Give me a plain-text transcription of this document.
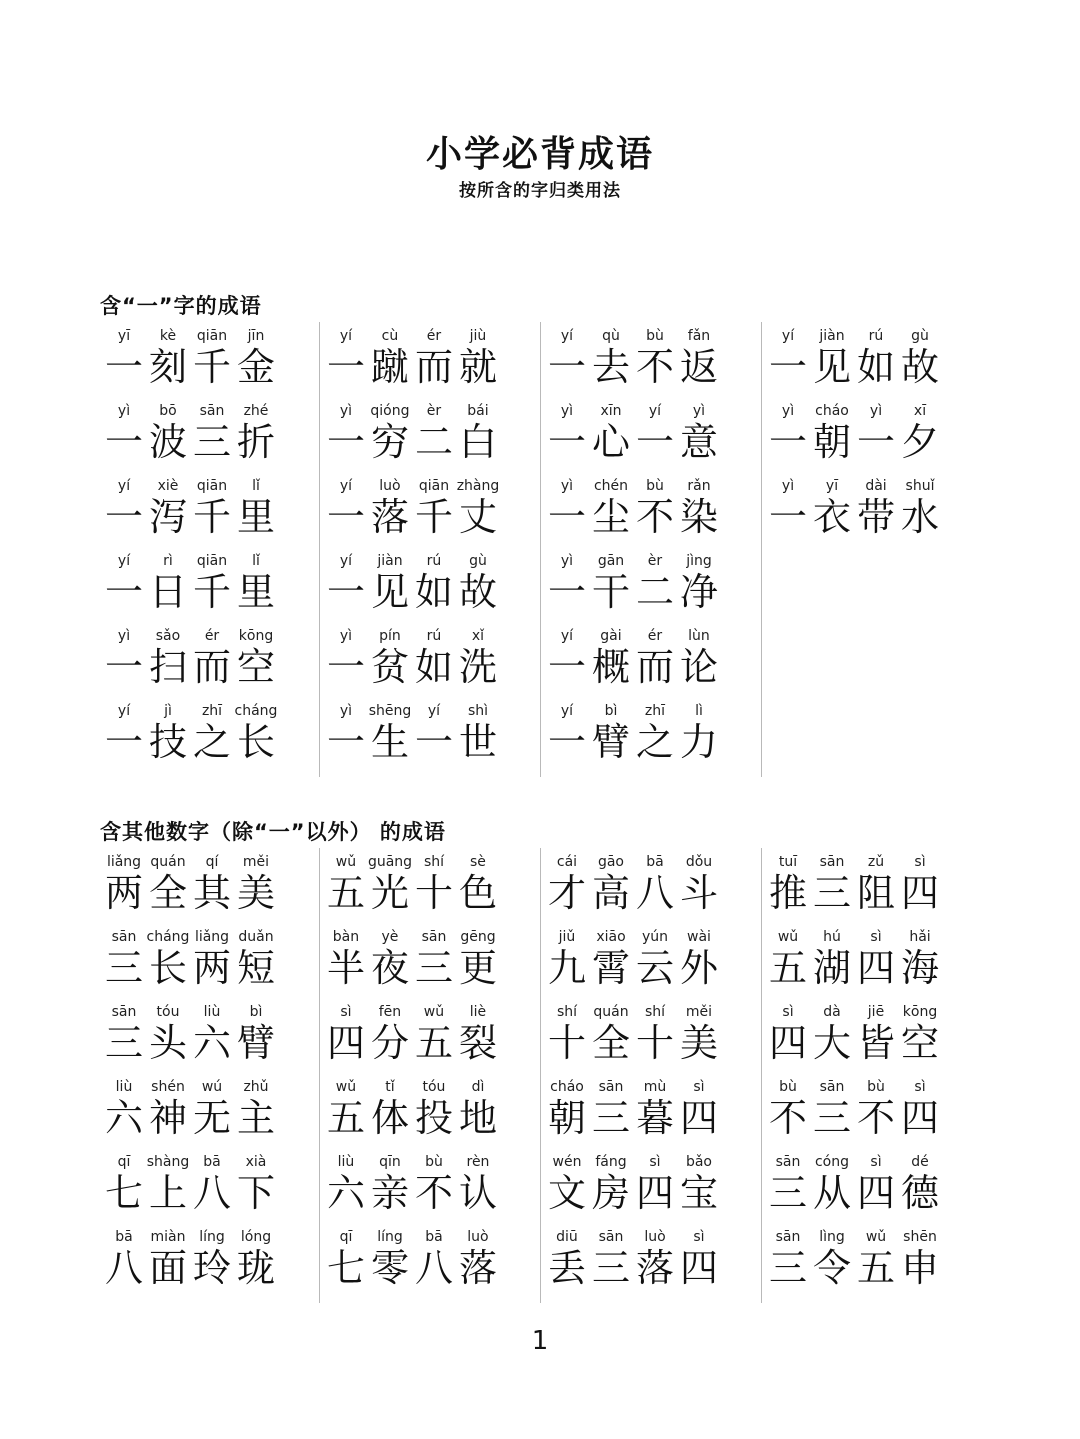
小学必背成语
按所含的字归类用法
含“一”字的成语
yī	kè	qiān	jīn
一 刻 千 金
yì	bō	sān	zhé
一 波 三 折
yí	xiè	qiān	lǐ
一 泻 千 里
yí	rì	qiān	lǐ
一 日 千 里
yì	sǎo	ér	kōng
一 扫 而 空
yí	jì	zhī cháng
一 技 之 长
yí	cù	ér	jiù
一 蹴 而 就
yì	qióng	èr	bái
一 穷 二 白
yí	luò	qiān zhàng
一 落 千 丈
yí	jiàn	rú	gù
一 见 如 故
yì	pín	rú	xǐ
一 贫 如 洗
yì	shēng	yí	shì
一 生 一 世
yí	qù	bù	fǎn
一 去 不 返
yì	xīn	yí	yì
一 心 一 意
yì	chén	bù	rǎn
一 尘 不 染
yì	gān	èr	jìng
一 干 二 净
yí	gài	ér	lùn
一 概 而 论
yí	bì	zhī	lì
一 臂 之 力
yí	jiàn	rú	gù
一 见 如 故
yì	cháo	yì	xī
一 朝 一 夕
yì	yī	dài	shuǐ
一 衣 带 水
含其他数字（除“一”以外） 的成语
liǎng quán	qí	měi
两 全 其 美
sān cháng liǎng duǎn
三 长 两 短
sān	tóu	liù	bì
三 头 六 臂
liù	shén	wú	zhǔ
六 神 无 主
qī	shàng	bā	xià
七 上 八 下
bā	miàn líng	lóng
八 面 玲 珑
wǔ guāng shí	sè
五 光 十 色
bàn	yè	sān gēng
半 夜 三 更
sì	fēn	wǔ	liè
四 分 五 裂
wǔ	tǐ	tóu	dì
五 体 投 地
liù	qīn	bù	rèn
六 亲 不 认
qī	líng	bā	luò
七 零 八 落
cái	gāo	bā	dǒu
才 高 八 斗
jiǔ	xiāo	yún	wài
九 霄 云 外
shí	quán	shí	měi
十 全 十 美
cháo	sān	mù	sì
朝 三 暮 四
wén fáng	sì	bǎo
文 房 四 宝
diū	sān	luò	sì
丢 三 落 四
tuī	sān	zǔ	sì
推 三 阻 四
wǔ	hú	sì	hǎi
五 湖 四 海
sì	dà	jiē	kōng
四 大 皆 空
bù	sān	bù	sì
不 三 不 四
sān	cóng	sì	dé
三 从 四 德
sān	lìng	wǔ	shēn
三 令 五 申
1
